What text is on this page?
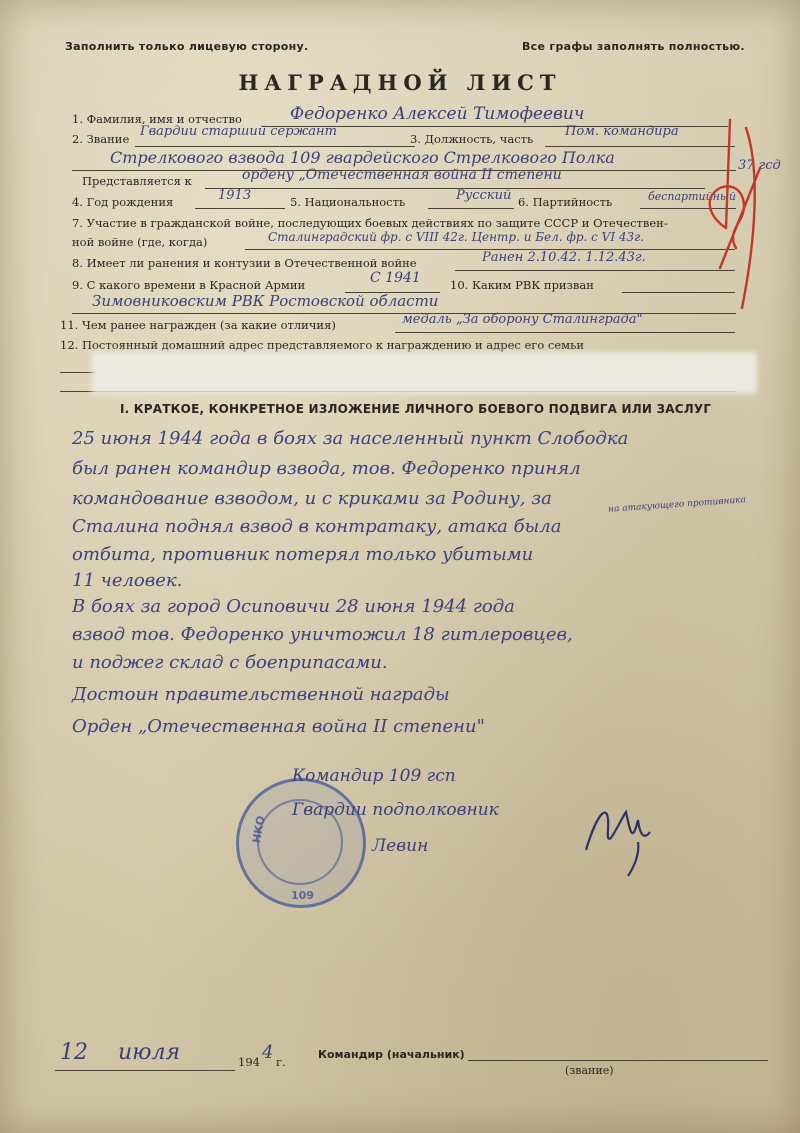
Заполнить только лицевую сторону.	Все графы заполнять полностью.
НАГРАДНОЙ ЛИСТ
1. Фамилия, имя и отчество	Федоренко Алексей Тимофеевич
2. Звание Гвардии старший сержант	3. Должность, часть Пом. командира
Стрелкового взвода 109 гвардейского Стрелкового Полка	37 гсд
Представляется к	ордену „Отечественная война II степени
4. Год рождения	1913	5. Национальность	Русский 6. Партийность	беспартийный
7. Участие в гражданской войне, последующих боевых действиях по защите СССР и Отечествен-
ной войне (где, когда)	Сталинградский фр. с VIII 42г. Центр. и Бел. фр. с VI 43г.
8. Имеет ли ранения и контузии в Отечественной войне	Ранен 2.10.42. 1.12.43г.
9. С какого времени в Красной Армии	С 1941	10. Каким РВК призван
Зимовниковским РВК Ростовской области
11. Чем ранее награжден (за какие отличия)	медаль „За оборону Сталинграда"
12. Постоянный домашний адрес представляемого к награждению и адрес его семьи
I. КРАТКОЕ, КОНКРЕТНОЕ ИЗЛОЖЕНИЕ ЛИЧНОГО БОЕВОГО ПОДВИГА ИЛИ ЗАСЛУГ
25 июня 1944 года в боях за населенный пункт Слободка
был ранен командир взвода, тов. Федоренко принял
командование взводом, и с криками за Родину, за	на атакующего противника
Сталина поднял взвод в контратаку, атака была
отбита, противник потерял только убитыми
11 человек.
В боях за город Осиповичи 28 июня 1944 года
взвод тов. Федоренко уничтожил 18 гитлеровцев,
и поджег склад с боеприпасами.
Достоин правительственной награды
Орден „Отечественная война II степени"
НКО
109
Командир 109 гсп
Гвардии подполковник
Левин
12 июля	194 4 г.
Командир (начальник)
(звание)
